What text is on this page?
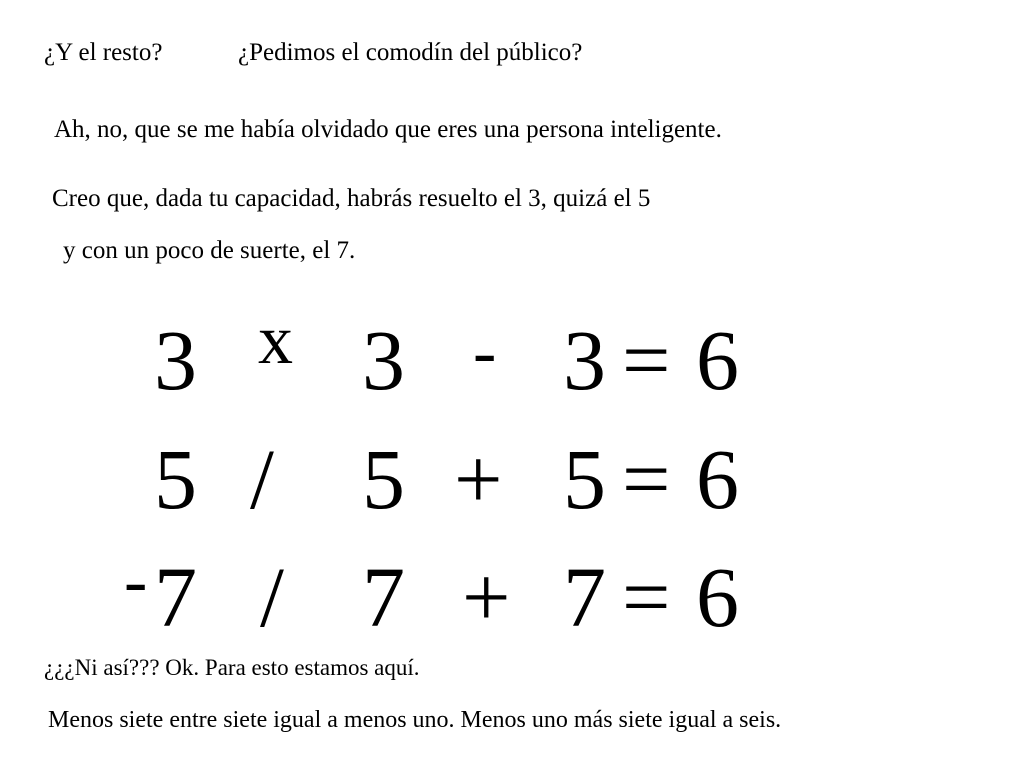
¿Y el resto?	¿Pedimos el comodín del público?
Ah, no, que se me había olvidado que eres una persona inteligente.
Creo que, dada tu capacidad, habrás resuelto el 3, quizá el 5
y con un poco de suerte, el 7.
3 x 3 - 3 = 6
5 / 5 + 5 = 6
- 7 / 7 + 7 = 6
¿¿¿Ni así??? Ok. Para esto estamos aquí.
Menos siete entre siete igual a menos uno. Menos uno más siete igual a seis.
